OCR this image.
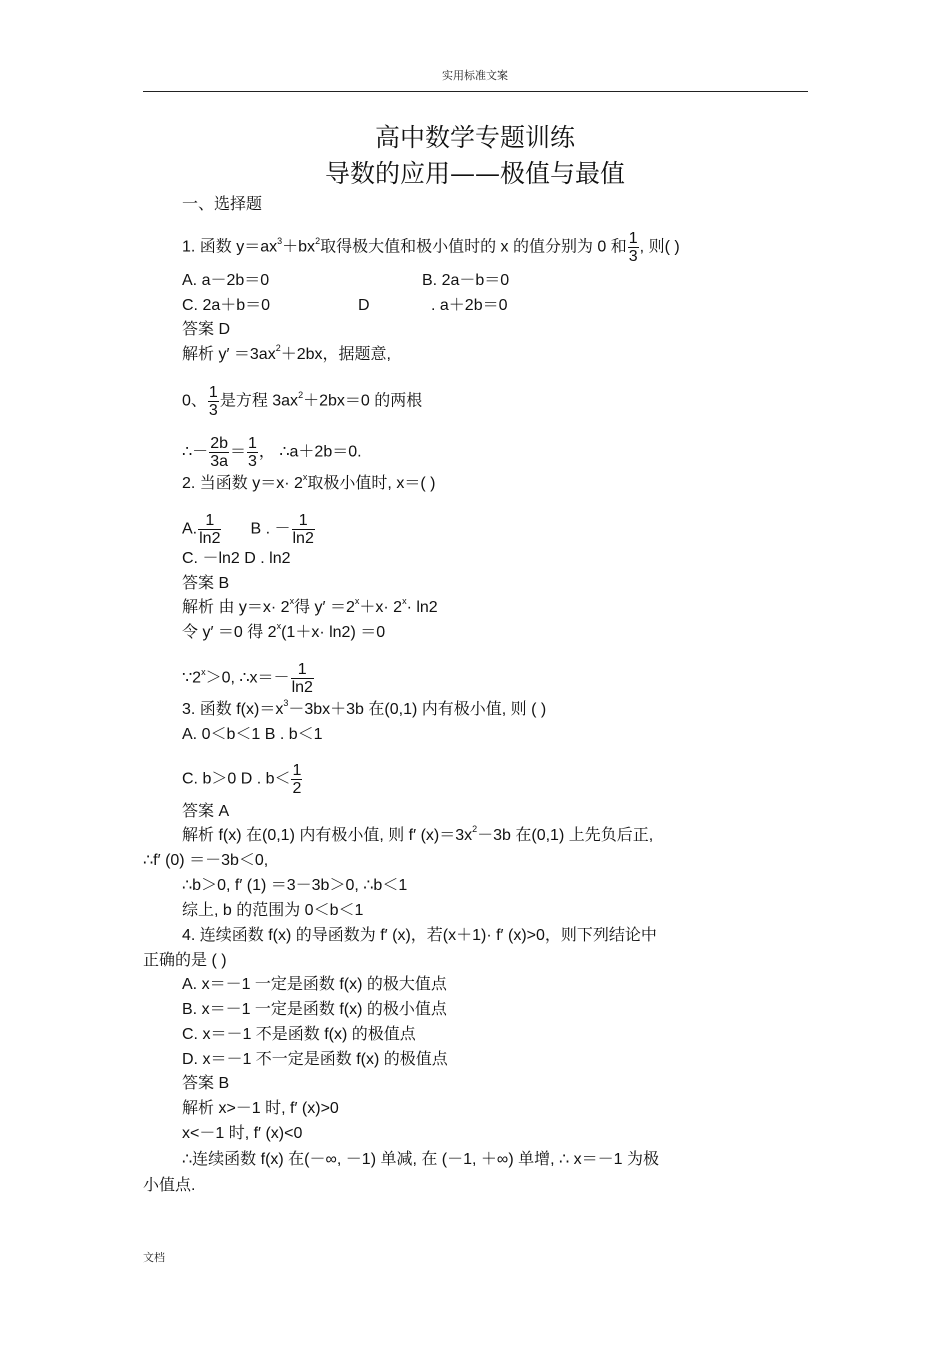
实用标准文案
高中数学专题训练
导数的应用——极值与最值
一、选择题
1. 函数 $y=ax^3+bx^2$取得极大值和极小值时的 x 的值分别为 0 和 $\frac{1}{3}$ , 则( )
A. a－2b＝0	B. 2a－b＝0
C. 2a＋b＝0	D	. a＋2b＝0
答案 D
解析 $y' =3ax^2+2bx$，据题意,
0、 $\frac{1}{3}$ 是方程 $3ax^2+2bx=0$ 的两根
∴－ $\frac{2b}{3a} = \frac{1}{3}$ ， ∴a＋2b＝0.
2. 当函数 $y=x\cdot 2^x$取极小值时, x＝( )
A. $\frac{1}{\ln 2}$ B . － $\frac{1}{\ln 2}$
C. －ln2 D . ln2
答案 B
解析 由 $y=x\cdot 2^x$得 $y' =2^x+x\cdot 2^x\cdot \ln 2$
令 y′ ＝0 得 $2^x(1+x\cdot \ln 2) =0$
$\because 2^x>0$, ∴x＝－ $\frac{1}{\ln 2}$
3. 函数 $f(x)=x^3-3bx+3b$ 在(0,1) 内有极小值, 则 ( )
A. 0＜b＜1 B . b＜1
C. b＞0 D . $b< \frac{1}{2}$
答案 A
解析 f(x) 在(0,1) 内有极小值, 则 f′ $(x)=3x^2-3b$ 在(0,1) 上先负后正,
∴f′ (0) ＝－3b＜0,
∴b＞0, f′ (1) ＝3－3b＞0, ∴b＜1
综上, b 的范围为 0＜b＜1
4. 连续函数 f(x) 的导函数为 f′ (x)，若(x＋1)· f′ (x)>0，则下列结论中
正确的是 ( )
A. x＝－1 一定是函数 f(x) 的极大值点
B. x＝－1 一定是函数 f(x) 的极小值点
C. x＝－1 不是函数 f(x) 的极值点
D. x＝－1 不一定是函数 f(x) 的极值点
答案 B
解析 x>－1 时, f′ (x)>0
x<－1 时, f′ (x)<0
∴连续函数 f(x) 在(－∞, －1) 单减, 在 (－1, ＋∞) 单增, ∴ x＝－1 为极
小值点.
文档
